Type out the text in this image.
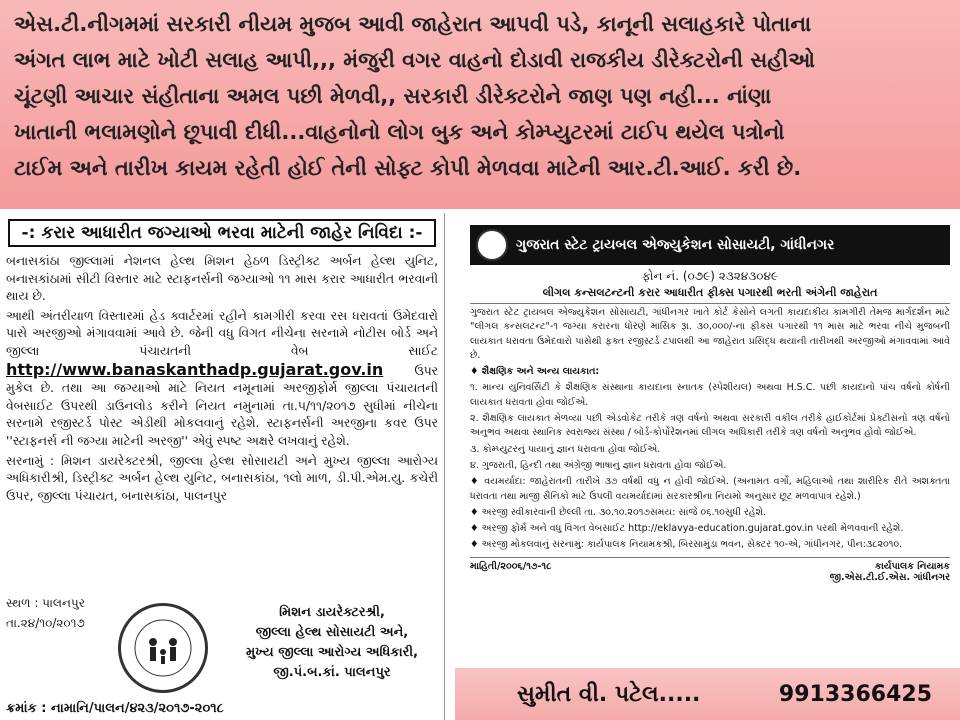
એસ.ટી.નીગમમાં સરકારી નીયમ મુજબ આવી જાહેરાત આપવી પડે, કાનૂની સલાહકારે પોતાના
અંગત લાભ માટે ખોટી સલાહ આપી,,, મંજુરી વગર વાહનો દોડાવી રાજકીય ડીરેક્ટરોની સહીઓ
ચૂંટણી આચાર સંહીતાના અમલ પછી મેળવી,, સરકારી ડીરેક્ટરોને જાણ પણ નહી... નાંણા
ખાતાની ભલામણોને છૂપાવી દીધી...વાહનોનો લોગ બુક અને કોમ્પ્યુટરમાં ટાઈપ થયેલ પત્રોનો
ટાઈમ અને તારીખ કાયમ રહેતી હોઈ તેની સોફ્ટ કોપી મેળવવા માટેની આર.ટી.આઈ. કરી છે.
-: કરાર આધારીત જગ્યાઓ ભરવા માટેની જાહેર નિવિદા :-

બનાસકાંઠા જીલ્લામાં નેશનલ હેલ્થ મિશન હેઠળ ડિસ્ટ્રીક્ટ અર્બન હેલ્થ યુનિટ, બનાસકાંઠામાં સીટી વિસ્તાર માટે સ્ટાફનર્સની જગ્યાઓ ૧૧ માસ કરાર આધારીત ભરવાની થાય છે.

આથી અંતરીયાળ વિસ્તારમાં હેડ ક્વાર્ટરમાં રહીને કામગીરી કરવા રસ ધરાવતાં ઉમેદવારો પાસે અરજીઓ મંગાવવામાં આવે છે. જેની વધુ વિગત નીચેના સરનામે નોટીસ બોર્ડ અને જીલ્લા પંચાયતની વેબ સાઈટ http://www.banaskanthadp.gujarat.gov.in	ઉપર મુકેલ છે. તથા આ જગ્યાઓ માટે નિયત નમૂનામાં અરજીફોર્મ જીલ્લા પંચાયતની વેબસાઈટ ઉપરથી ડાઉનલોડ કરીને નિયત નમુનામાં તા.૫/૧૧/૨૦૧૭ સુધીમાં નીચેના સરનામે રજીસ્ટર્ડ પોસ્ટ એડીથી મોકલવાનું રહેશે. સ્ટાફનર્સની અરજીના કવર ઉપર ''સ્ટાફનર્સ ની જગ્યા માટેની અરજી'' એવું સ્પષ્ટ અક્ષરે લખવાનું રહેશે.

સરનામું : મિશન ડાયરેક્ટરશ્રી, જીલ્લા હેલ્થ સોસાયટી અને મુખ્ય જીલ્લા આરોગ્ય અધિકારીશ્રી, ડિસ્ટ્રીક્ટ અર્બન હેલ્થ યુનિટ, બનાસકાંઠા, ૧લો માળ, ડી.પી.એમ.યુ. કચેરી ઉપર, જીલ્લા પંચાયત, બનાસકાંઠા, પાલનપુર

સ્થળ : પાલનપુર
તા.૨૪/૧૦/૨૦૧૭
મિશન ડાયરેક્ટરશ્રી,
જીલ્લા હેલ્થ સોસાયટી અને,
મુખ્ય જીલ્લા આરોગ્ય અધિકારી,
જી.પં.બ.કાં. પાલનપુર
ક્રમાંક : નામાનિ/પાલન/૪૨૩/૨૦૧૭-૨૦૧૮
ગુજરાત સ્ટેટ ટ્રાયબલ એજ્યુકેશન સોસાયટી, ગાંધીનગર
ફોન નં. (૦૭૯) ૨૩૨૪૩૦૪૯
લીગલ કન્સલટન્ટની કરાર આધારીત ફીક્સ પગારથી ભરતી અંગેની જાહેરાત

ગુજરાત સ્ટેટ ટ્રાયબલ એજ્યુકેશન સોસાયટી, ગાંધીનગર ખાતે કોર્ટ કેસોને લગતી કાયદાકીય કામગીરી તેમજ માર્ગદર્શન માટે "લીગલ કન્સલટન્ટ"-૧ જગ્યા કરારના ધોરણે માસિક રૂા. ૩૦,૦૦૦/-ના ફીક્સ પગારથી ૧૧ માસ માટે ભરવા નીચે મુજબની લાયકાત ધરાવતા ઉમેદવારો પાસેથી ફક્ત રજીસ્ટર્ડ ટપાલથી આ જાહેરાત પ્રસિદ્ધ થયાની તારીખથી અરજીઓ મંગાવવામાં આવે છે.

♦ શૈક્ષણિક અને અન્ય લાયકાત:

૧. માન્ય યુનિવર્સિટી કે શૈક્ષણિક સંસ્થાના કાયદાના સ્નાતક (સ્પેશીયલ) અથવા H.S.C. પછી કાયદાનો પાંચ વર્ષનો કોર્ષની લાયકાત ધરાવતા હોવા જોઈએ.

૨. શૈક્ષણિક લાયકાત મેળવ્યા પછી એડવોકેટ તરીકે ત્રણ વર્ષનો અથવા સરકારી વકીલ તરીકે હાઈકોર્ટમાં પ્રેક્ટીસનો ત્રણ વર્ષનો અનુભવ અથવા સ્થાનિક સ્વરાજ્ય સંસ્થા / બોર્ડ-કોર્પોરેશનમાં લીગલ અધિકારી તરીકે ત્રણ વર્ષનો અનુભવ હોવો જોઈએ.

૩. કોમ્પ્યુટરનું પાયાનું જ્ઞાન ધરાવતા હોવા જોઈએ.

૪. ગુજરાતી, હિન્દી તથા અંગ્રેજી ભાષાનું જ્ઞાન ધરાવતા હોવા જોઈએ.

♦ વયમર્યાદા: જાહેરાતની તારીખે ૩૭ વર્ષથી વધુ ન હોવી જોઈએ. (અનામત વર્ગો, મહિલાઓ તથા શારીરિક રીતે અશક્તતા ધરાવતા તથા માજી સૈનિકો માટે ઉપલી વયમર્યાદામાં સરકારશ્રીના નિયમો અનુસાર છૂટ મળવાપાત્ર રહેશે.)

♦ અરજી સ્વીકારવાની છેલ્લી તા. ૩૦.૧૦.૨૦૧૭સમય: સાંજે ૦૬.૧૦સુધી રહેશે.

♦ અરજી ફોર્મ અને વધુ વિગત વેબસાઈટ http://eklavya-education.gujarat.gov.in પરથી મેળવવાની રહેશે.

♦ અરજી મોકલવાનું સરનામું: કાર્યપાલક નિયામકશ્રી, બિરસામુંડા ભવન, સેક્ટર ૧૦-એ, ગાંધીનગર, પીન:૩૮૨૦૧૦.

માહિતી/૨૦૦૬/૧૭-૧૮	કાર્યપાલક નિયામક
જી.એસ.ટી.ઈ.એસ. ગાંધીનગર
સુમીત વી. પટેલ.....	9913366425
